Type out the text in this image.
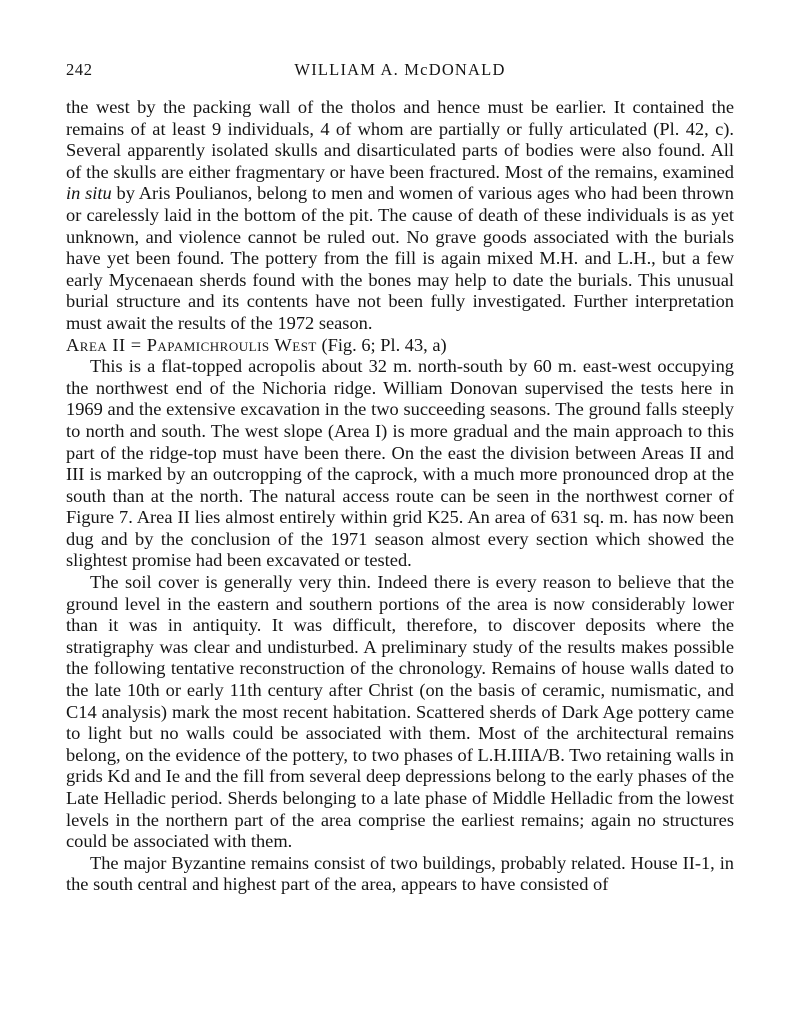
242	WILLIAM A. McDONALD

the west by the packing wall of the tholos and hence must be earlier. It contained the remains of at least 9 individuals, 4 of whom are partially or fully articulated (Pl. 42, c). Several apparently isolated skulls and disarticulated parts of bodies were also found. All of the skulls are either fragmentary or have been fractured. Most of the remains, examined in situ by Aris Poulianos, belong to men and women of various ages who had been thrown or carelessly laid in the bottom of the pit. The cause of death of these individuals is as yet unknown, and violence cannot be ruled out. No grave goods associated with the burials have yet been found. The pottery from the fill is again mixed M.H. and L.H., but a few early Mycenaean sherds found with the bones may help to date the burials. This unusual burial structure and its contents have not been fully investigated. Further interpretation must await the results of the 1972 season.

Area II = Papamichroulis West (Fig. 6; Pl. 43, a)

This is a flat-topped acropolis about 32 m. north-south by 60 m. east-west occupying the northwest end of the Nichoria ridge. William Donovan supervised the tests here in 1969 and the extensive excavation in the two succeeding seasons. The ground falls steeply to north and south. The west slope (Area I) is more gradual and the main approach to this part of the ridge-top must have been there. On the east the division between Areas II and III is marked by an outcropping of the caprock, with a much more pronounced drop at the south than at the north. The natural access route can be seen in the northwest corner of Figure 7. Area II lies almost entirely within grid K25. An area of 631 sq. m. has now been dug and by the conclusion of the 1971 season almost every section which showed the slightest promise had been excavated or tested.

The soil cover is generally very thin. Indeed there is every reason to believe that the ground level in the eastern and southern portions of the area is now considerably lower than it was in antiquity. It was difficult, therefore, to discover deposits where the stratigraphy was clear and undisturbed. A preliminary study of the results makes possible the following tentative reconstruction of the chronology. Remains of house walls dated to the late 10th or early 11th century after Christ (on the basis of ceramic, numismatic, and C14 analysis) mark the most recent habitation. Scattered sherds of Dark Age pottery came to light but no walls could be associated with them. Most of the architectural remains belong, on the evidence of the pottery, to two phases of L.H.IIIA/B. Two retaining walls in grids Kd and Ie and the fill from several deep depressions belong to the early phases of the Late Helladic period. Sherds belonging to a late phase of Middle Helladic from the lowest levels in the northern part of the area comprise the earliest remains; again no structures could be associated with them.

The major Byzantine remains consist of two buildings, probably related. House II-1, in the south central and highest part of the area, appears to have consisted of
